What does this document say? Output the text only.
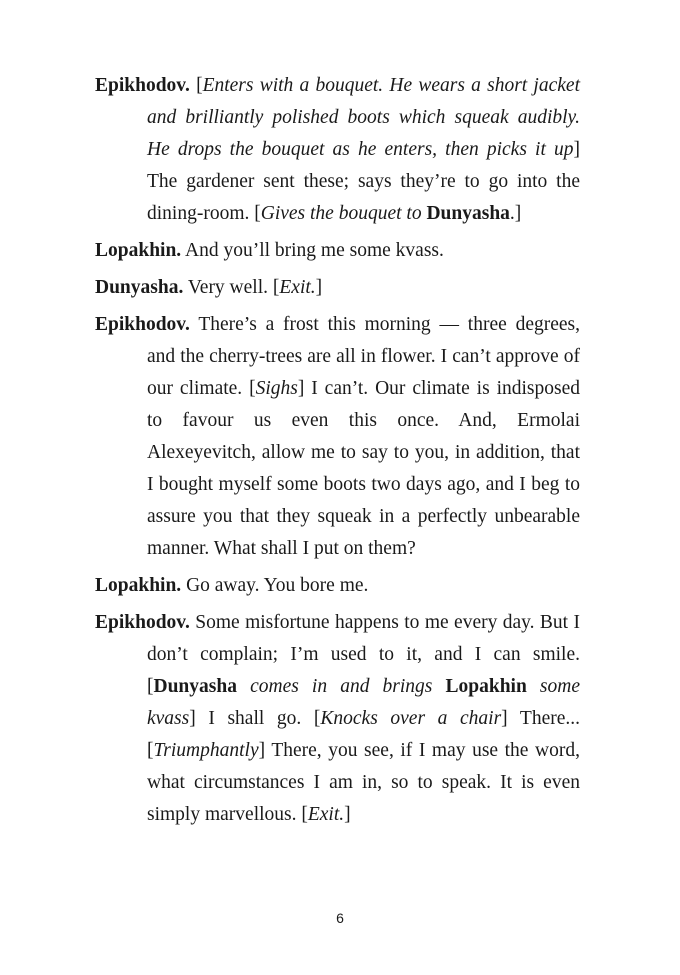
Epikhodov. [Enters with a bouquet. He wears a short jacket and brilliantly polished boots which squeak audibly. He drops the bouquet as he enters, then picks it up] The gardener sent these; says they’re to go into the dining-room. [Gives the bouquet to Dunyasha.]

Lopakhin. And you’ll bring me some kvass.

Dunyasha. Very well. [Exit.]

Epikhodov. There’s a frost this morning — three degrees, and the cherry-trees are all in flower. I can’t approve of our climate. [Sighs] I can’t. Our climate is indisposed to favour us even this once. And, Ermolai Alexeyevitch, allow me to say to you, in addition, that I bought myself some boots two days ago, and I beg to assure you that they squeak in a perfectly unbearable manner. What shall I put on them?

Lopakhin. Go away. You bore me.

Epikhodov. Some misfortune happens to me every day. But I don’t complain; I’m used to it, and I can smile. [Dunyasha comes in and brings Lopakhin some kvass] I shall go. [Knocks over a chair] There... [Triumphantly] There, you see, if I may use the word, what circumstances I am in, so to speak. It is even simply marvellous. [Exit.]

6
